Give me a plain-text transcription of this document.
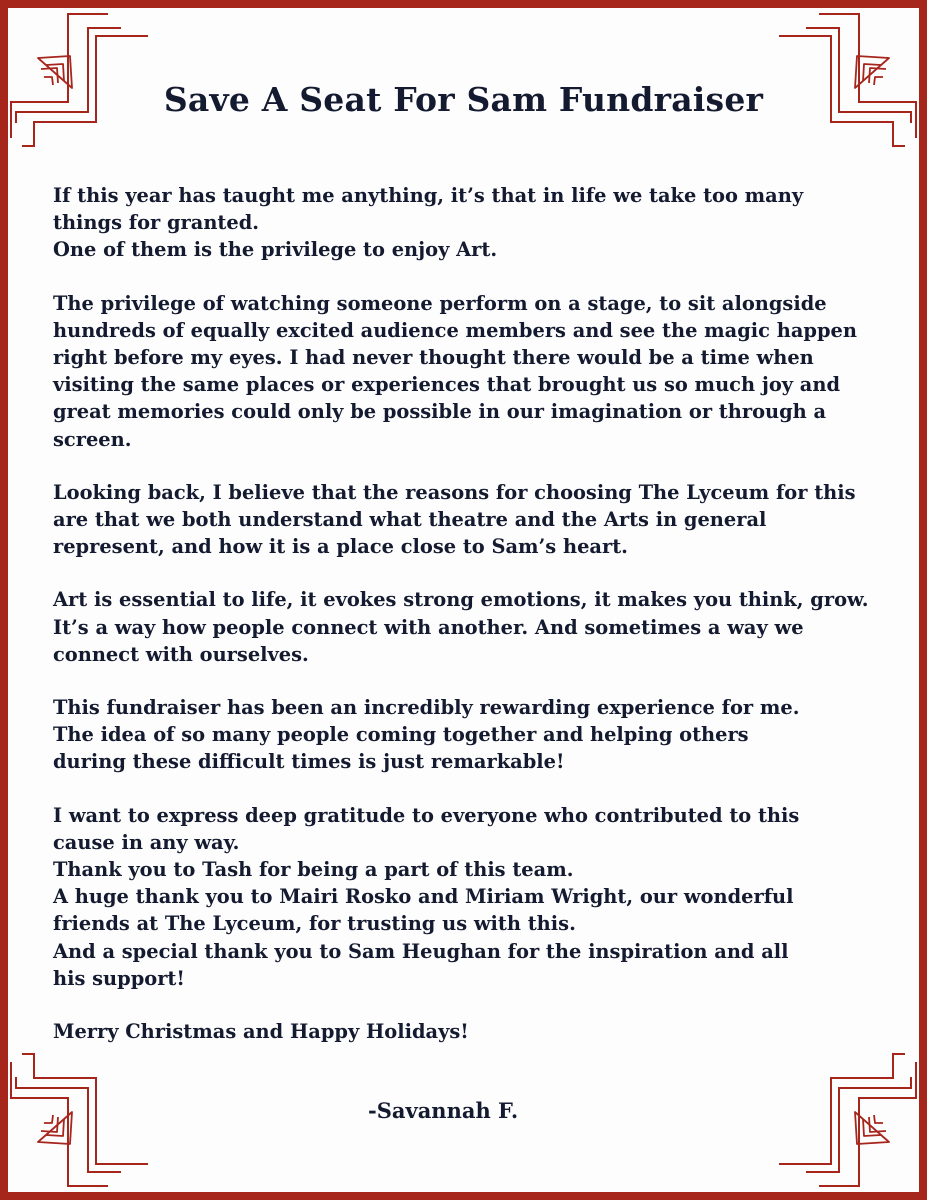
Save A Seat For Sam Fundraiser

If this year has taught me anything, it’s that in life we take too many
things for granted.
One of them is the privilege to enjoy Art.

The privilege of watching someone perform on a stage, to sit alongside
hundreds of equally excited audience members and see the magic happen
right before my eyes. I had never thought there would be a time when
visiting the same places or experiences that brought us so much joy and
great memories could only be possible in our imagination or through a
screen.

Looking back, I believe that the reasons for choosing The Lyceum for this
are that we both understand what theatre and the Arts in general
represent, and how it is a place close to Sam’s heart.

Art is essential to life, it evokes strong emotions, it makes you think, grow.
It’s a way how people connect with another. And sometimes a way we
connect with ourselves.

This fundraiser has been an incredibly rewarding experience for me.
The idea of so many people coming together and helping others
during these difficult times is just remarkable!

I want to express deep gratitude to everyone who contributed to this
cause in any way.
Thank you to Tash for being a part of this team.
A huge thank you to Mairi Rosko and Miriam Wright, our wonderful
friends at The Lyceum, for trusting us with this.
And a special thank you to Sam Heughan for the inspiration and all
his support!

Merry Christmas and Happy Holidays!

-Savannah F.
